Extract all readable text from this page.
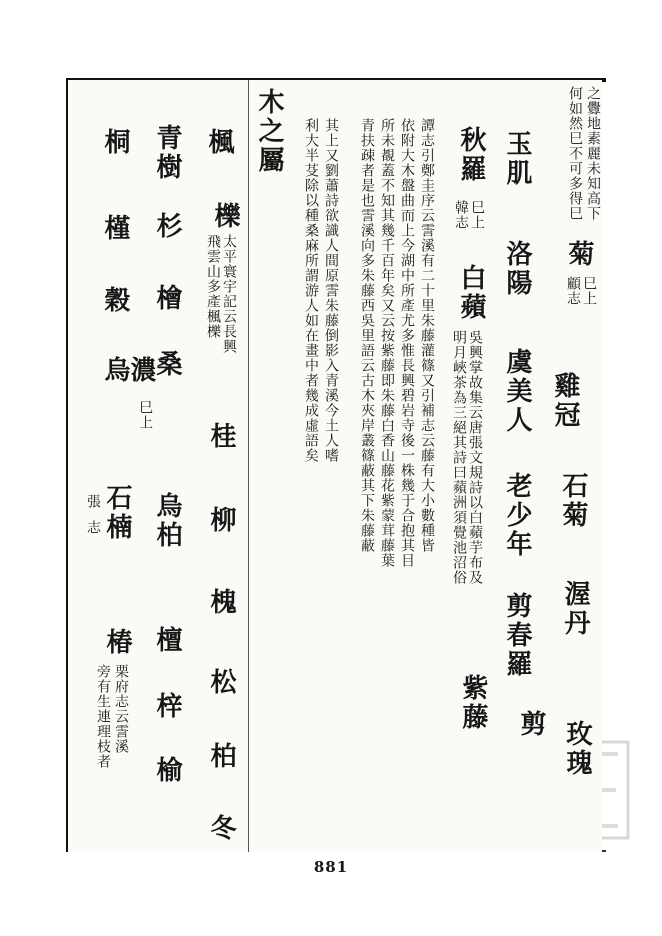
之釁地素麗未知高下
何如然巳不可多得巳
菊
巳上
顧志
雞冠
石菊
渥丹
玫瑰
玉肌
洛陽
虞美人
老少年
剪春羅
剪
秋羅
巳上
韓志
白蘋
吳興掌故集云唐張文規詩以白蘋芋布及
明月峽茶為三絕其詩曰蘋洲須覺池沼俗
紫藤
譚志引鄭圭序云霅溪有二十里朱藤灌篠又引補志云藤有大小數種皆
依附大木盤曲而上今湖中所產尤多惟長興碧岩寺後一株幾于合抱其目
所未覩蓋不知其幾千百年矣又云按紫藤即朱藤白香山藤花紫蒙茸藤葉
青扶疎者是也霅溪向多朱藤西吳里語云古木夾岸叢篠蔽其下朱藤蔽
其上又劉蕭詩欲識人間原霅朱藤倒影入青溪今土人嗜
利大半芟除以種桑麻所謂游人如在畫中者幾成虛語矣
木之屬
楓
櫟
太平寰宇記云長興
飛雲山多產楓櫟
桂
柳
槐
松
柏
冬
青樹
杉
檜
桑
烏柏
檀
梓
榆
桐
槿
穀
烏
濃
巳上
石楠
張
志
椿
栗府志云霅溪
旁有生連理枝者
881
